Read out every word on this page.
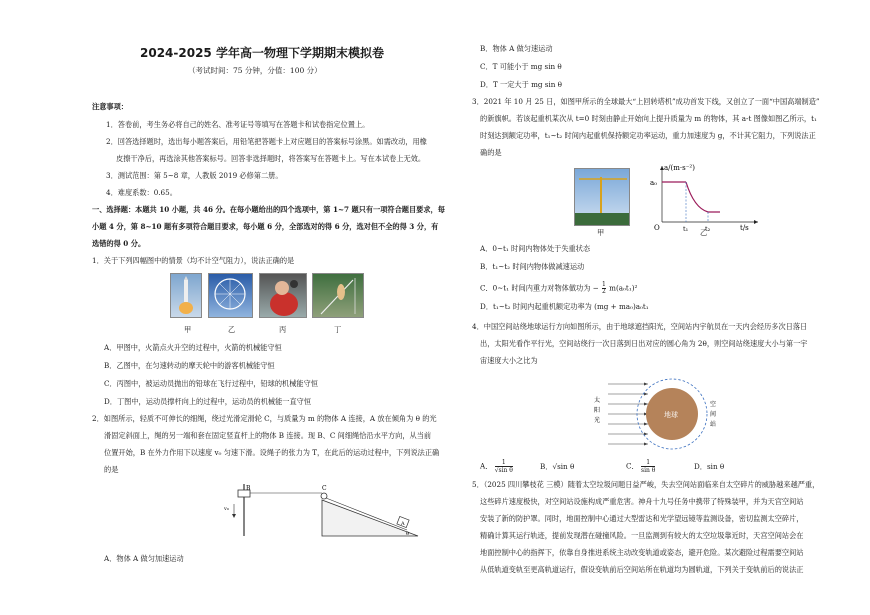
2024-2025 学年高一物理下学期期末模拟卷
（考试时间：75 分钟，分值：100 分）
注意事项：
1．答卷前，考生务必将自己的姓名、准考证号等填写在答题卡和试卷指定位置上。
2．回答选择题时，选出每小题答案后，用铅笔把答题卡上对应题目的答案标号涂黑。如需改动，用橡
皮擦干净后，再选涂其他答案标号。回答非选择题时，将答案写在答题卡上。写在本试卷上无效。
3．测试范围：第 5~8 章，人教版 2019 必修第二册。
4．难度系数：0.65。
一、选择题：本题共 10 小题，共 46 分。在每小题给出的四个选项中，第 1~7 题只有一项符合题目要求，每
小题 4 分，第 8~10 题有多项符合题目要求，每小题 6 分，全部选对的得 6 分，选对但不全的得 3 分，有
选错的得 0 分。
1．关于下列四幅图中的情景（均不计空气阻力），说法正确的是
甲	乙	丙	丁
A．甲图中，火箭点火升空的过程中，火箭的机械能守恒
B．乙图中，在匀速转动的摩天轮中的游客机械能守恒
C．丙图中，被运动员抛出的铅球在飞行过程中，铅球的机械能守恒
D．丁图中，运动员撑杆向上的过程中，运动员的机械能一直守恒
2．如图所示，轻质不可伸长的细绳，绕过光滑定滑轮 C，与质量为 m 的物体 A 连接，A 放在倾角为 θ 的光
滑固定斜面上，绳的另一端和套在固定竖直杆上的物体 B 连接。现 B、C 间细绳恰沿水平方向，从当前
位置开始，B 在外力作用下以速度 v₀ 匀速下滑。设绳子的张力为 T，在此后的运动过程中，下列说法正确
的是
B	C
A
v₀
θ
A．物体 A 做匀加速运动
B．物体 A 做匀速运动
C．T 可能小于 mg sin θ
D．T 一定大于 mg sin θ
3．2021 年 10 月 25 日，如图甲所示的全球最大“上回转塔机”成功首发下线，又创立了一面“中国高端制造”
的新旗帜。若该起重机某次从 t=0 时刻由静止开始向上提升质量为 m 的物体，其 a-t 图像如图乙所示，t₁
时刻达到额定功率，t₁~t₂ 时间内起重机保持额定功率运动，重力加速度为 g，不计其它阻力，下列说法正
确的是
甲
a/(m·s⁻²)
a₀
O	t₁	t₂	t/s
乙
A．0~t₁ 时间内物体处于失重状态
B．t₁~t₂ 时间内物体做减速运动
C．0~t₁ 时间内重力对物体做功为 − $\frac{1}{2} m(a_0t_1)^2$
D．t₁~t₂ 时间内起重机额定功率为 (mg + ma₀)a₀t₁
4．中国空间站绕地球运行方向如图所示，由于地球遮挡阳光，空间站内宇航员在一天内会经历多次日落日
出，太阳光看作平行光，空间站绕行一次日落到日出对应的圆心角为 2θ，则空间站绕速度大小与第一宇
宙速度大小之比为
地球
太
阳
光
空
间
站
A． $\frac{1}{\text{√sin θ}}$	B．√sin θ	C． $\frac{1}{\text{sin θ}}$	D．sin θ
5．（2025 四川攀枝花 三模）随着太空垃圾问题日益严峻，失去空间站面临来自太空碎片的威胁越来越严重，
这些碎片速度极快，对空间站设施构成严重危害。神舟十九号任务中携带了特殊装甲，并为天宫空间站
安装了新的防护罩。同时，地面控制中心通过大型雷达和光学望远镜等监测设备，密切监测太空碎片，
精确计算其运行轨迹，提前发现潜在碰撞风险。一旦监测到有较大的太空垃圾靠近时，天宫空间站会在
地面控制中心的指挥下，依靠自身推进系统主动改变轨道或姿态，避开危险。某次避险过程需要空间站
从低轨道变轨至更高轨道运行，假设变轨前后空间站所在轨道均为圆轨道，下列关于变轨前后的说法正
